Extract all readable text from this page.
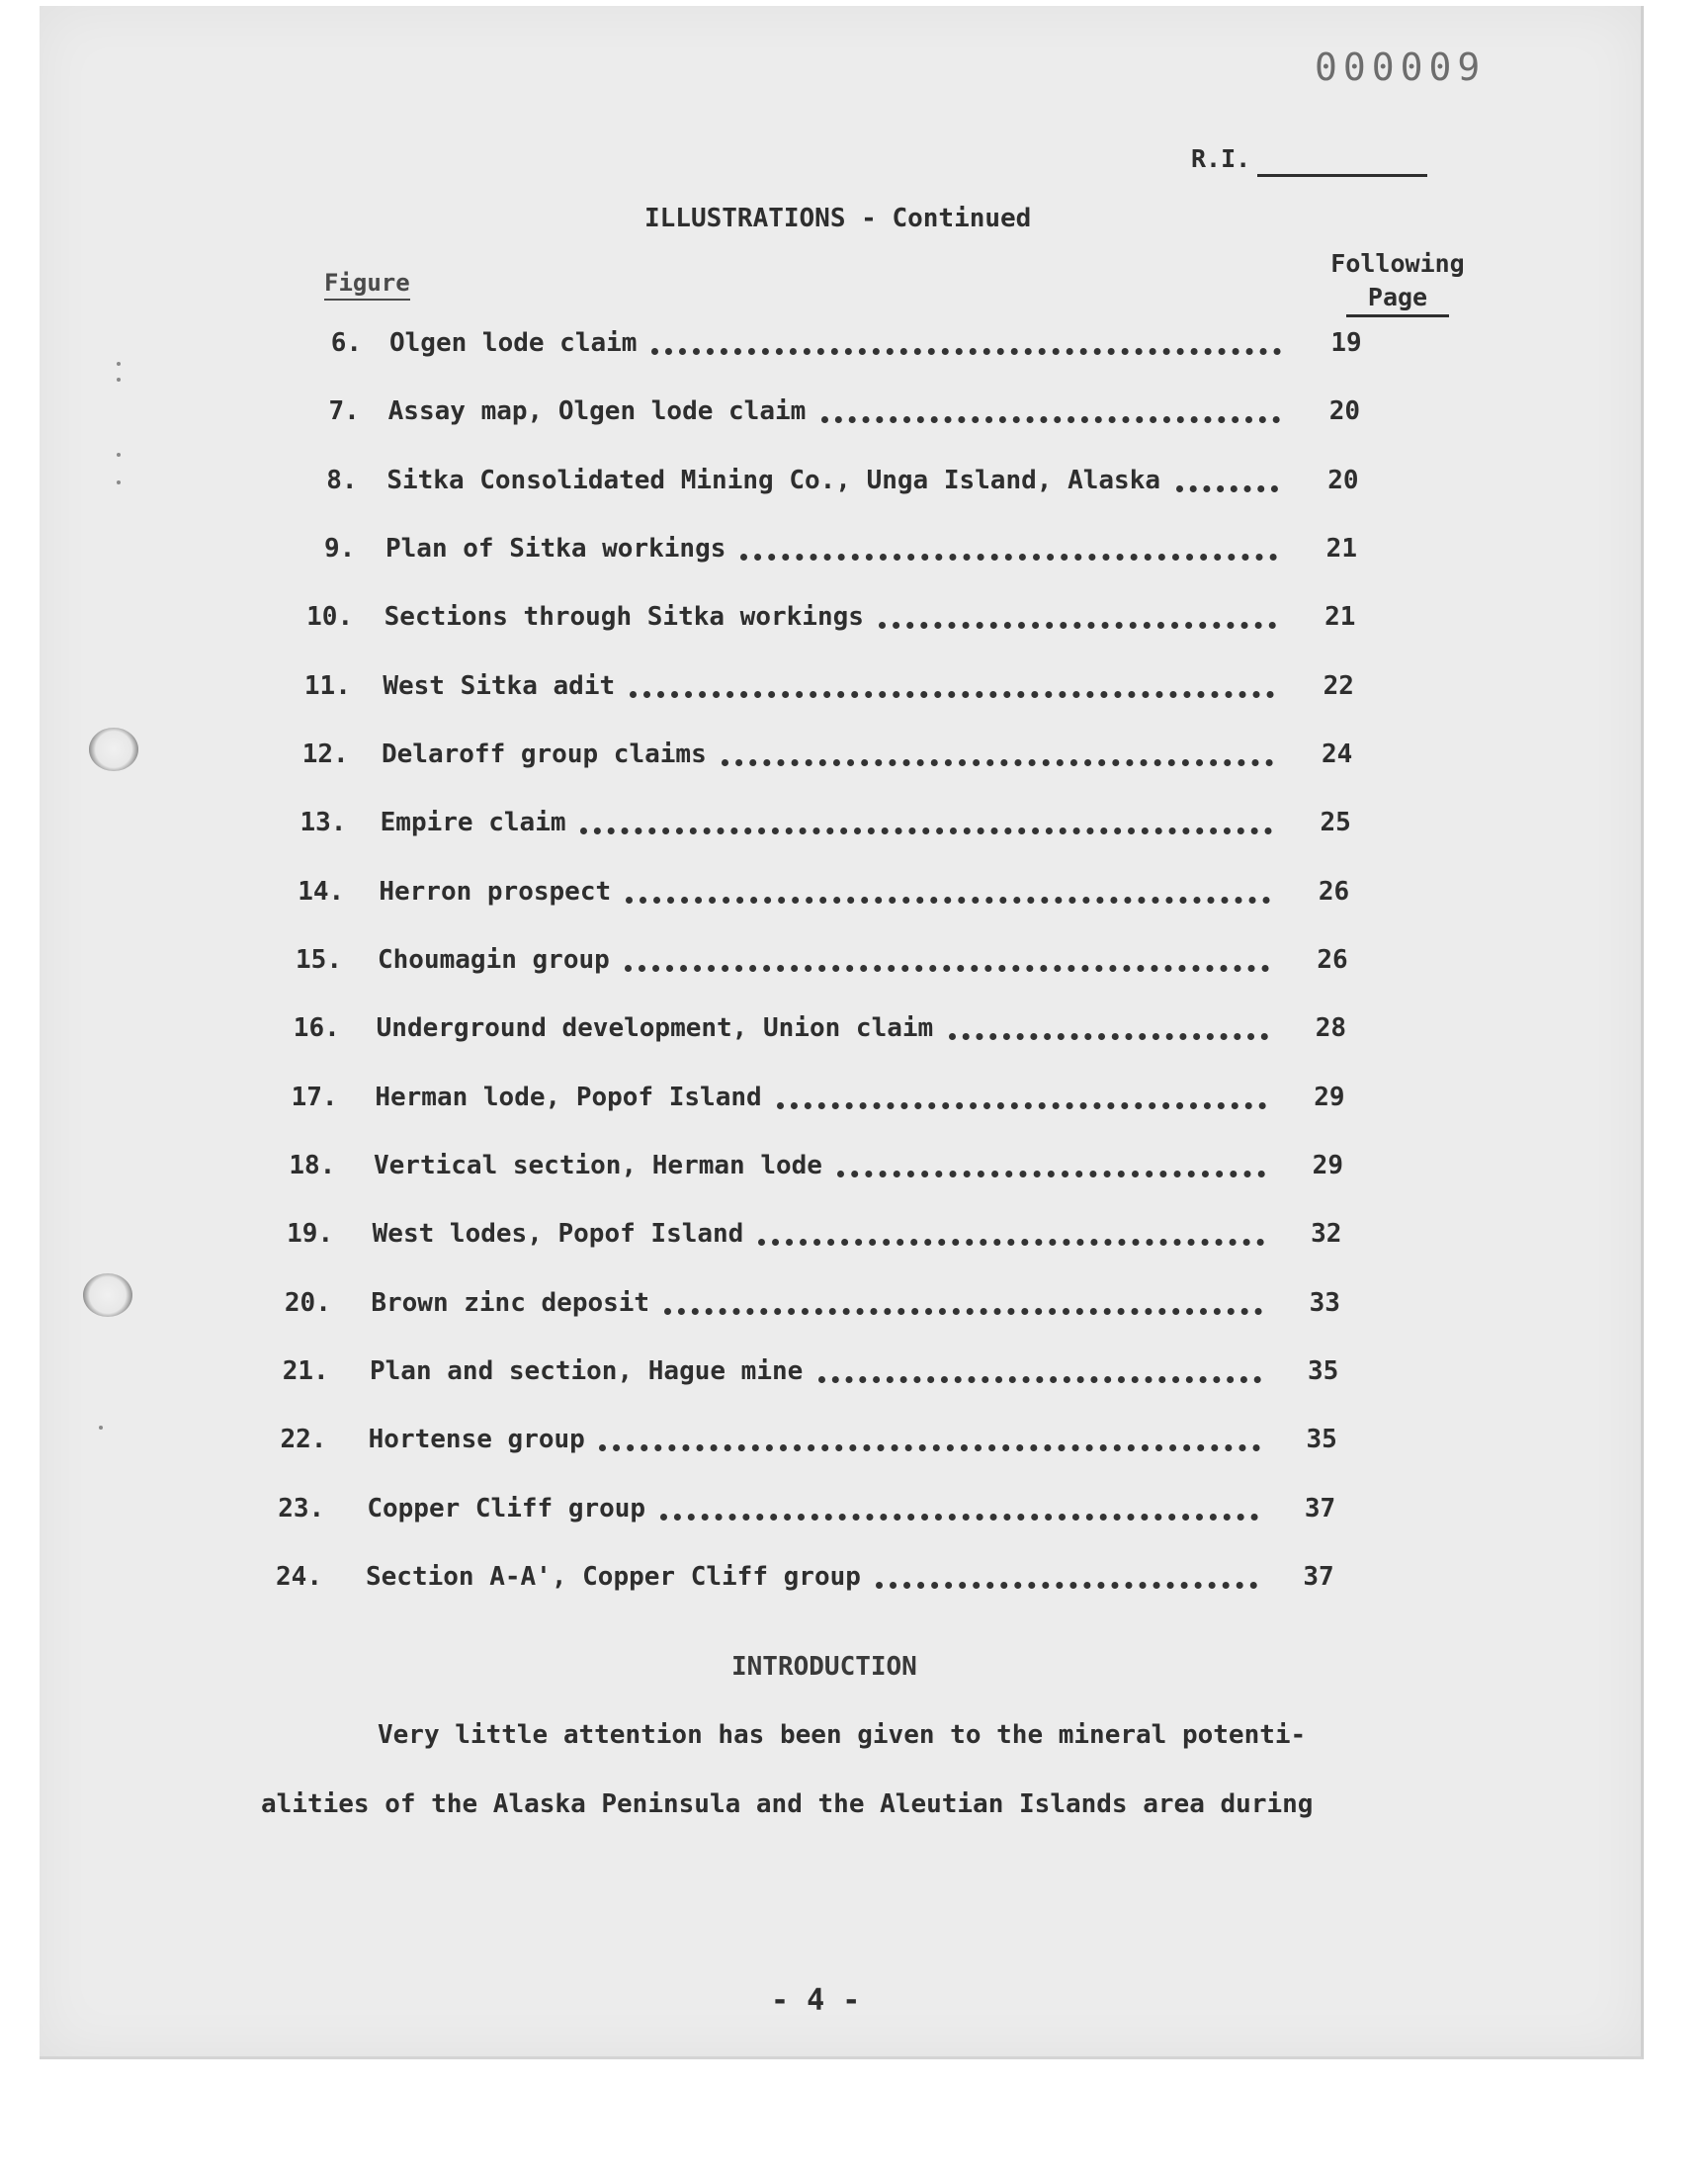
000009
R.I.
ILLUSTRATIONS - Continued
Figure
Following
Page
6. Olgen lode claim	19
7. Assay map, Olgen lode claim	20
8. Sitka Consolidated Mining Co., Unga Island, Alaska	20
9. Plan of Sitka workings	21
10. Sections through Sitka workings	21
11. West Sitka adit	22
12. Delaroff group claims	24
13. Empire claim	25
14. Herron prospect	26
15. Choumagin group	26
16. Underground development, Union claim	28
17. Herman lode, Popof Island	29
18. Vertical section, Herman lode	29
19. West lodes, Popof Island	32
20. Brown zinc deposit	33
21. Plan and section, Hague mine	35
22. Hortense group	35
23. Copper Cliff group	37
24. Section A-A', Copper Cliff group	37
INTRODUCTION
Very little attention has been given to the mineral potenti-
alities of the Alaska Peninsula and the Aleutian Islands area during
- 4 -
